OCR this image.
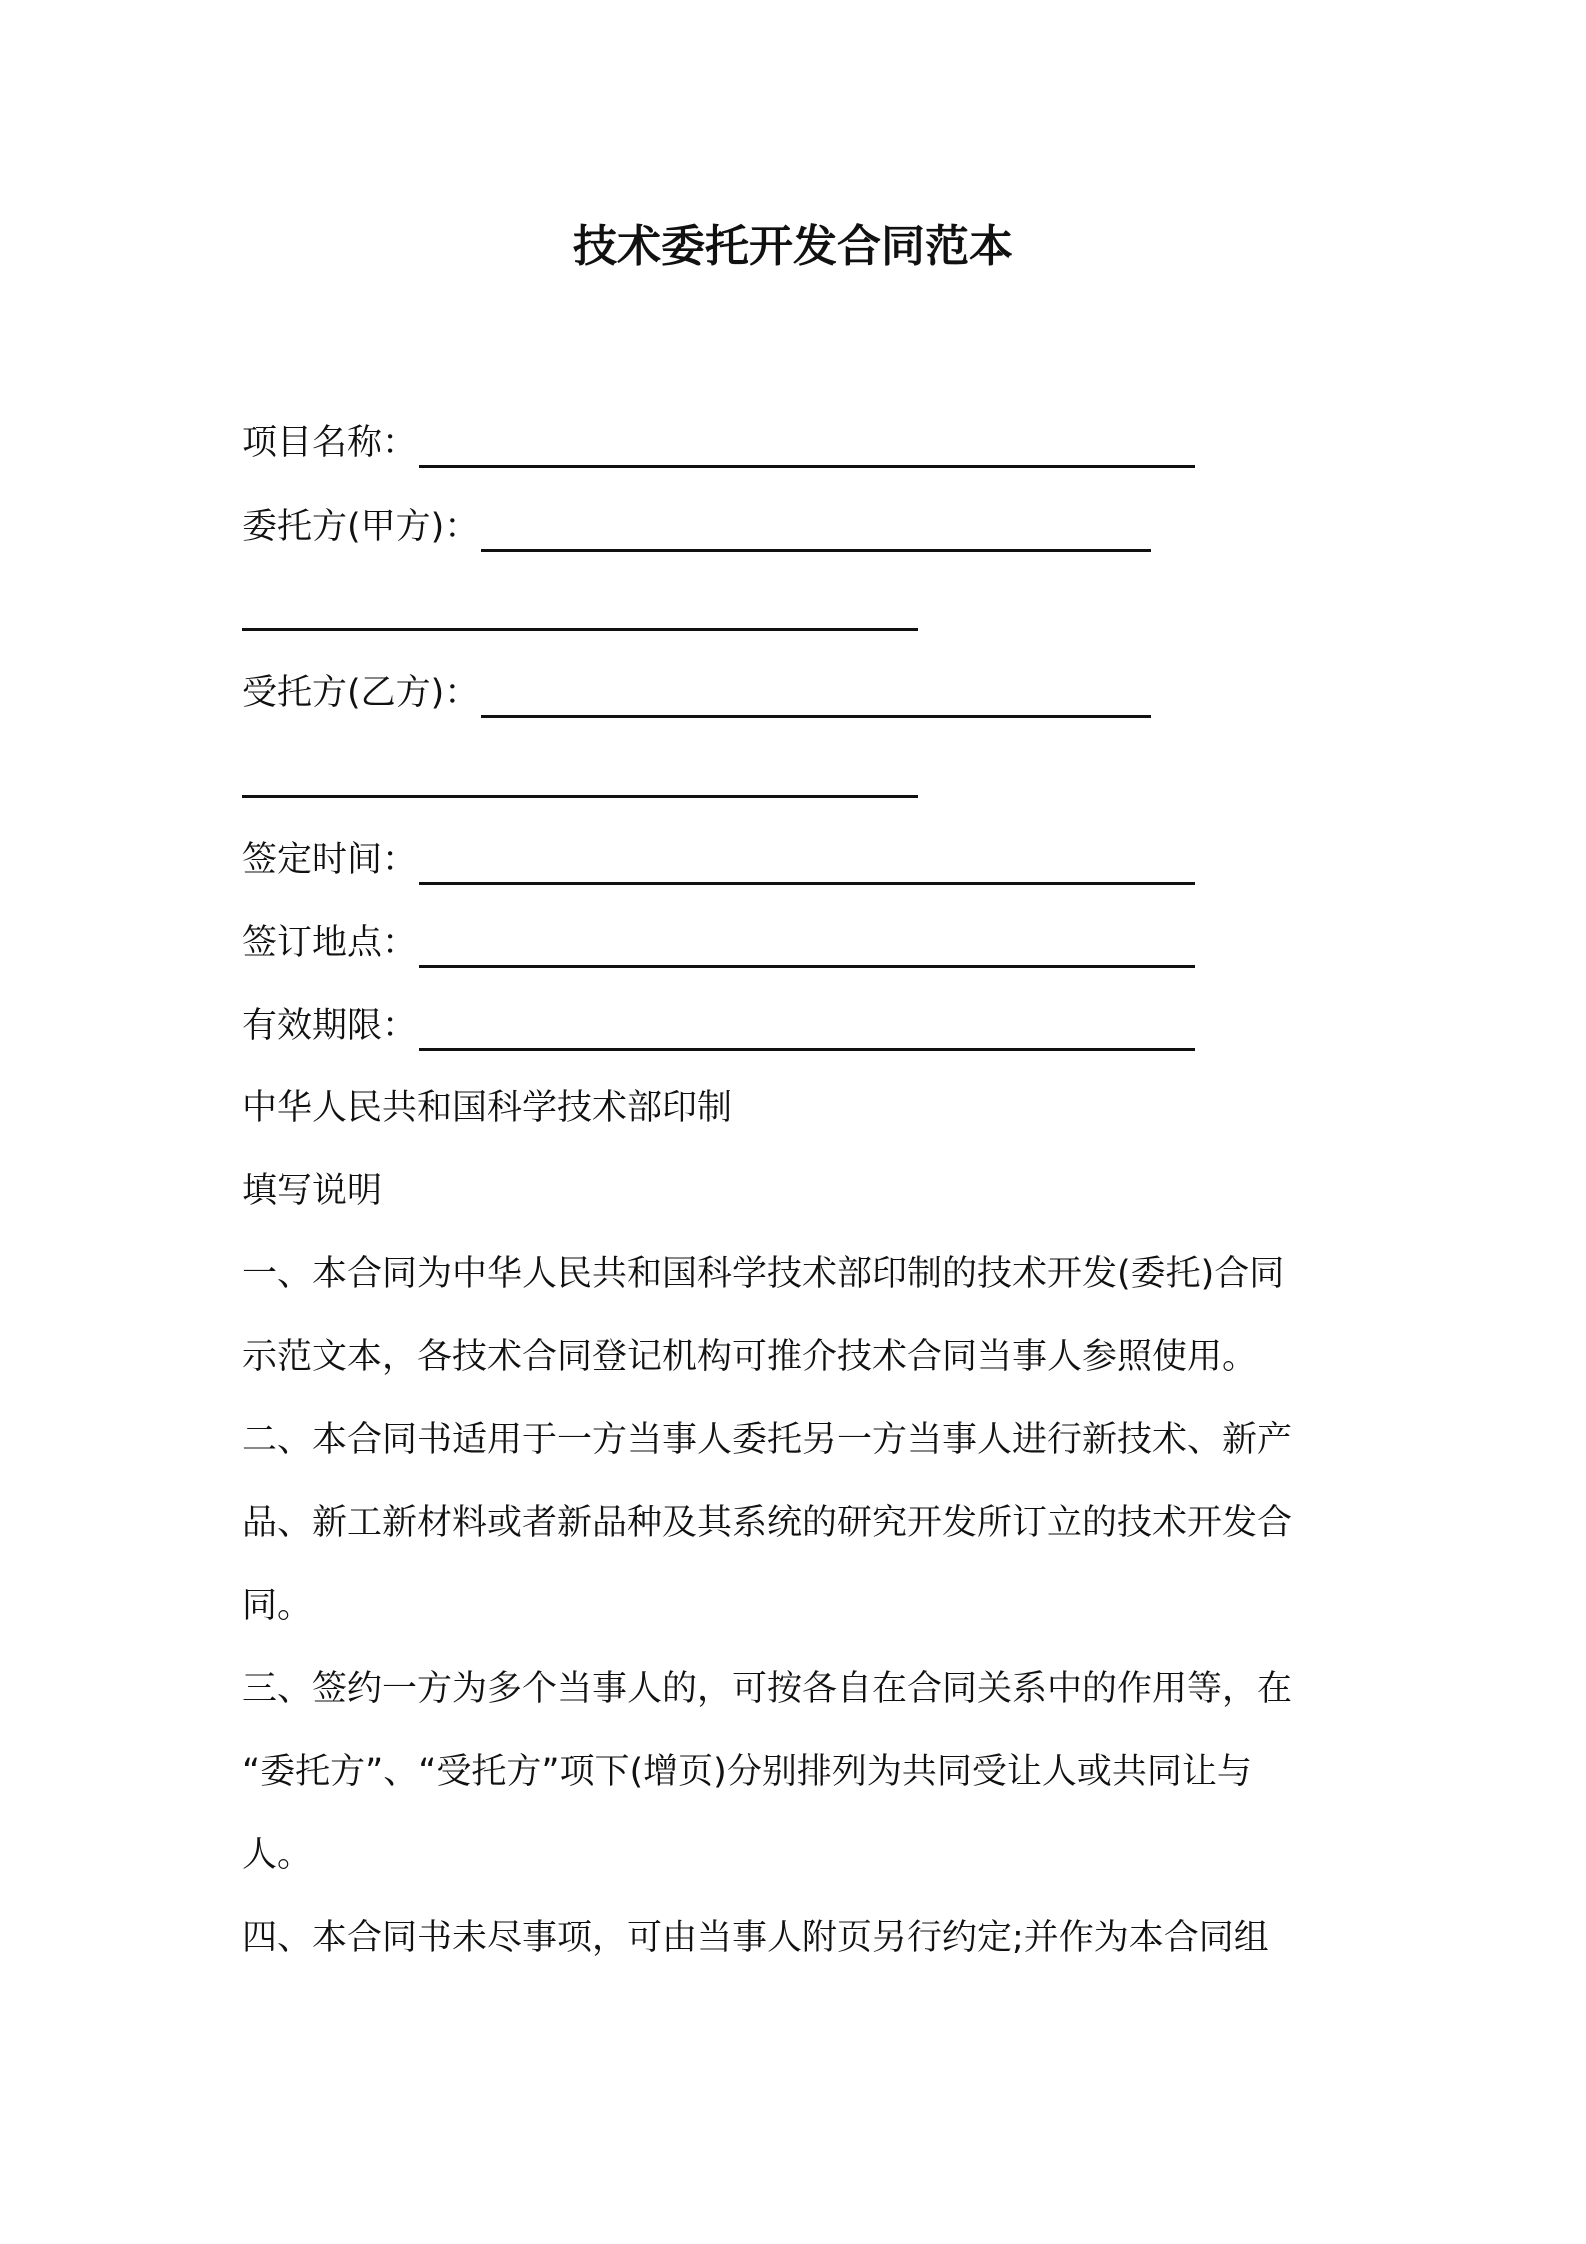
技术委托开发合同范本
项目名称：
委托方(甲方)：
受托方(乙方)：
签定时间：
签订地点：
有效期限：

中华人民共和国科学技术部印制

填写说明

一、本合同为中华人民共和国科学技术部印制的技术开发(委托)合同

示范文本，各技术合同登记机构可推介技术合同当事人参照使用。

二、本合同书适用于一方当事人委托另一方当事人进行新技术、新产

品、新工新材料或者新品种及其系统的研究开发所订立的技术开发合

同。

三、签约一方为多个当事人的，可按各自在合同关系中的作用等，在

“委托方”、“受托方”项下(增页)分别排列为共同受让人或共同让与

人。

四、本合同书未尽事项，可由当事人附页另行约定;并作为本合同组
